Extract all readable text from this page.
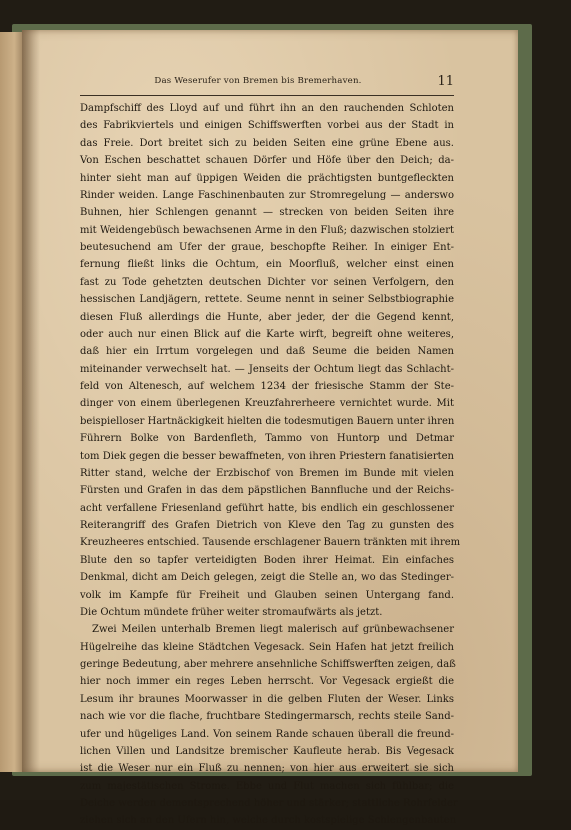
Das Weserufer von Bremen bis Bremerhaven.	11
Dampfschiff des Lloyd auf und führt ihn an den rauchenden Schloten
des Fabrikviertels und einigen Schiffswerften vorbei aus der Stadt in
das Freie. Dort breitet sich zu beiden Seiten eine grüne Ebene aus.
Von Eschen beschattet schauen Dörfer und Höfe über den Deich; da-
hinter sieht man auf üppigen Weiden die prächtigsten buntgefleckten
Rinder weiden. Lange Faschinenbauten zur Stromregelung — anderswo
Buhnen, hier Schlengen genannt — strecken von beiden Seiten ihre
mit Weidengebüsch bewachsenen Arme in den Fluß; dazwischen stolziert
beutesuchend am Ufer der graue, beschopfte Reiher. In einiger Ent-
fernung fließt links die Ochtum, ein Moorfluß, welcher einst einen
fast zu Tode gehetzten deutschen Dichter vor seinen Verfolgern, den
hessischen Landjägern, rettete. Seume nennt in seiner Selbstbiographie
diesen Fluß allerdings die Hunte, aber jeder, der die Gegend kennt,
oder auch nur einen Blick auf die Karte wirft, begreift ohne weiteres,
daß hier ein Irrtum vorgelegen und daß Seume die beiden Namen
miteinander verwechselt hat. — Jenseits der Ochtum liegt das Schlacht-
feld von Altenesch, auf welchem 1234 der friesische Stamm der Ste-
dinger von einem überlegenen Kreuzfahrerheere vernichtet wurde. Mit
beispielloser Hartnäckigkeit hielten die todesmutigen Bauern unter ihren
Führern Bolke von Bardenfleth, Tammo von Huntorp und Detmar
tom Diek gegen die besser bewaffneten, von ihren Priestern fanatisierten
Ritter stand, welche der Erzbischof von Bremen im Bunde mit vielen
Fürsten und Grafen in das dem päpstlichen Bannfluche und der Reichs-
acht verfallene Friesenland geführt hatte, bis endlich ein geschlossener
Reiterangriff des Grafen Dietrich von Kleve den Tag zu gunsten des
Kreuzheeres entschied. Tausende erschlagener Bauern tränkten mit ihrem
Blute den so tapfer verteidigten Boden ihrer Heimat. Ein einfaches
Denkmal, dicht am Deich gelegen, zeigt die Stelle an, wo das Stedinger-
volk im Kampfe für Freiheit und Glauben seinen Untergang fand.
Die Ochtum mündete früher weiter stromaufwärts als jetzt.
Zwei Meilen unterhalb Bremen liegt malerisch auf grünbewachsener
Hügelreihe das kleine Städtchen Vegesack. Sein Hafen hat jetzt freilich
geringe Bedeutung, aber mehrere ansehnliche Schiffswerften zeigen, daß
hier noch immer ein reges Leben herrscht. Vor Vegesack ergießt die
Lesum ihr braunes Moorwasser in die gelben Fluten der Weser. Links
nach wie vor die flache, fruchtbare Stedingermarsch, rechts steile Sand-
ufer und hügeliges Land. Von seinem Rande schauen überall die freund-
lichen Villen und Landsitze bremischer Kaufleute herab. Bis Vegesack
ist die Weser nur ein Fluß zu nennen; von hier aus erweitert sie sich
zum majestätischen Strome. Ebbe und Flut machen sich fühlbar; die
Deiche werden dementsprechend höher und stärker; stattliche Rohrfelder
ziehen sich an den Ufern hin, welche durch kostspielige Schlengenbauten
